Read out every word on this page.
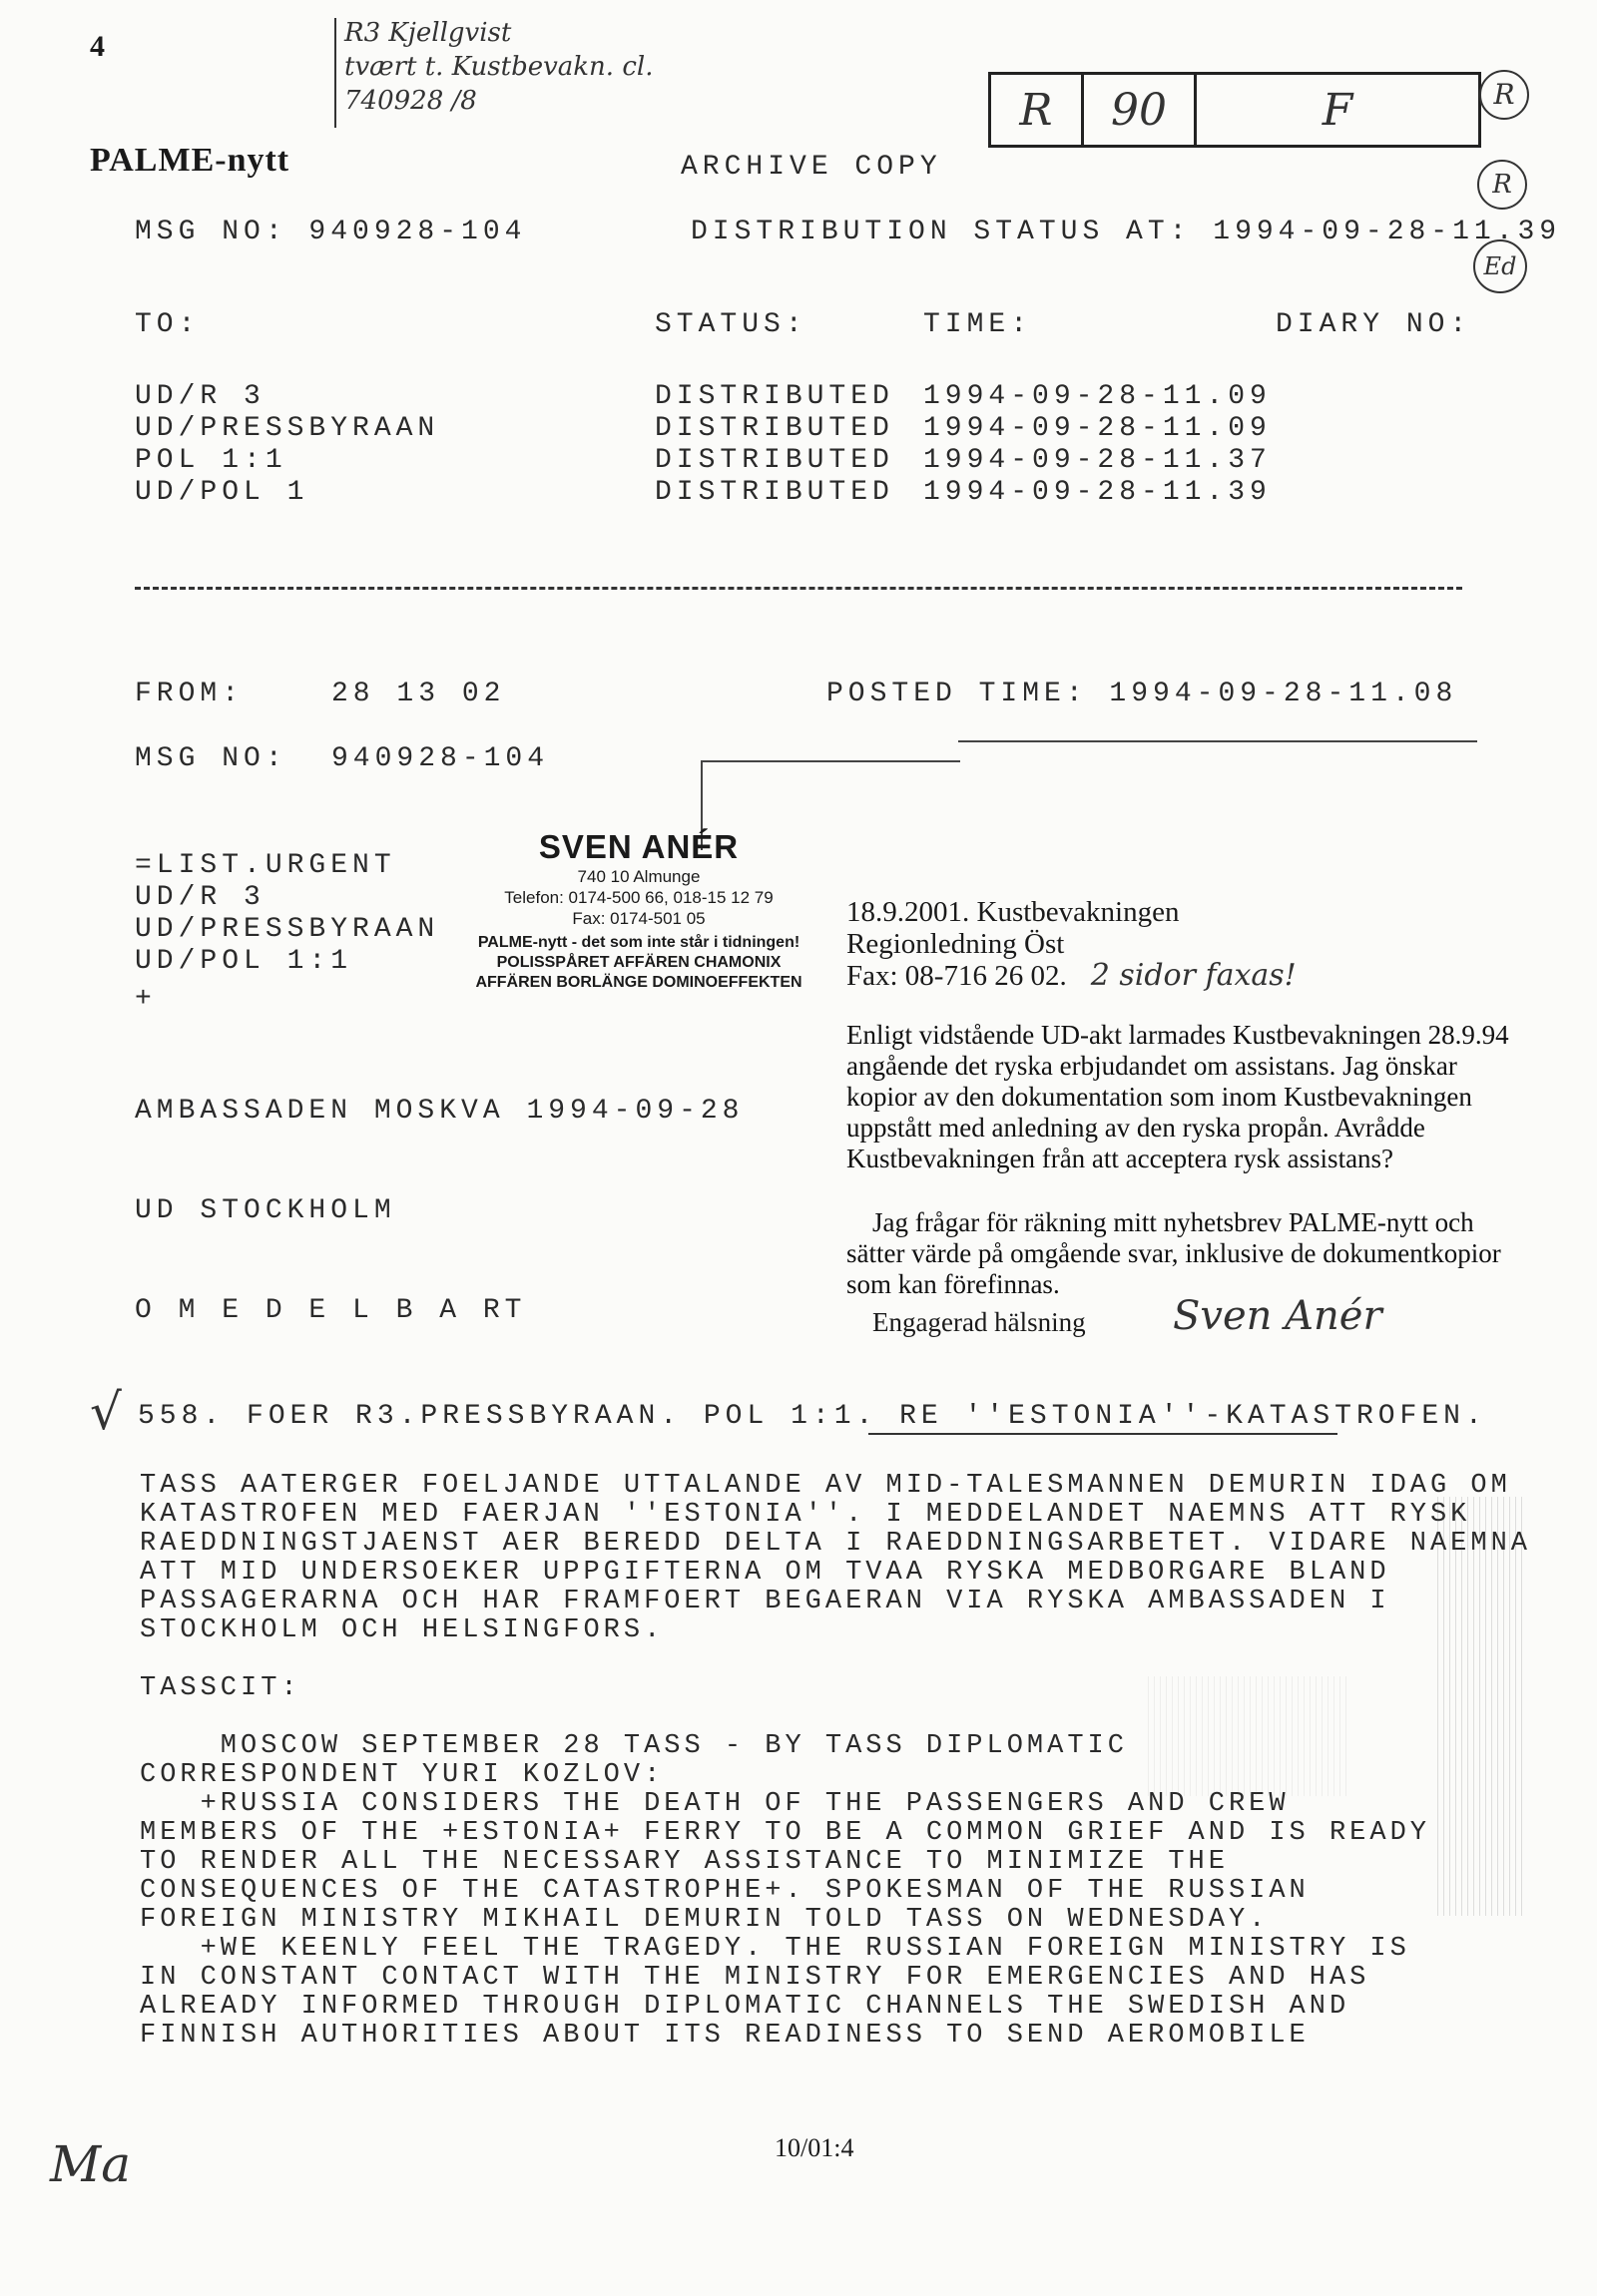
4
PALME-nytt
R3 Kjellgvist
tvært t. Kustbevakn. cl.
740928 /8	R	90	F	R
R
Ed
ARCHIVE COPY
MSG NO: 940928-104	DISTRIBUTION STATUS AT: 1994-09-28-11.39
TO:	STATUS:	TIME:	DIARY NO:
UD/R 3	DISTRIBUTED 1994-09-28-11.09
UD/PRESSBYRAAN	DISTRIBUTED 1994-09-28-11.09
POL 1:1	DISTRIBUTED 1994-09-28-11.37
UD/POL 1	DISTRIBUTED 1994-09-28-11.39
FROM:	28 13 02	POSTED TIME: 1994-09-28-11.08
MSG NO: 940928-104
=LIST.URGENT
UD/R 3
UD/PRESSBYRAAN
UD/POL 1:1
+
SVEN ANÉR
740 10 Almunge
Telefon: 0174-500 66, 018-15 12 79
Fax: 0174-501 05
PALME-nytt - det som inte står i tidningen!
POLISSPÅRET AFFÄREN CHAMONIX
AFFÄREN BORLÄNGE DOMINOEFFEKTEN
18.9.2001. Kustbevakningen
Regionledning Öst
Fax: 08-716 26 02. 2 sidor faxas!
Enligt vidstående UD-akt larmades Kustbevakningen 28.9.94 angående det ryska erbjudandet om assistans. Jag önskar kopior av den dokumentation som inom Kustbevakningen uppstått med anledning av den ryska propån. Avrådde Kustbevakningen från att acceptera rysk assistans?
Jag frågar för räkning mitt nyhetsbrev PALME-nytt och sätter värde på omgående svar, inklusive de dokumentkopior som kan förefinnas.
Engagerad hälsning Sven Anér
AMBASSADEN MOSKVA 1994-09-28
UD STOCKHOLM
O M E D E L B A RT
√ 558. FOER R3.PRESSBYRAAN. POL 1:1. RE ''ESTONIA''-KATASTROFEN.
TASS AATERGER FOELJANDE UTTALANDE AV MID-TALESMANNEN DEMURIN IDAG OM
KATASTROFEN MED FAERJAN ''ESTONIA''. I MEDDELANDET NAEMNS ATT RYSK
RAEDDNINGSTJAENST AER BEREDD DELTA I RAEDDNINGSARBETET. VIDARE NAEMNA
ATT MID UNDERSOEKER UPPGIFTERNA OM TVAA RYSKA MEDBORGARE BLAND
PASSAGERARNA OCH HAR FRAMFOERT BEGAERAN VIA RYSKA AMBASSADEN I
STOCKHOLM OCH HELSINGFORS.
TASSCIT:
MOSCOW SEPTEMBER 28 TASS - BY TASS DIPLOMATIC
CORRESPONDENT YURI KOZLOV:
+RUSSIA CONSIDERS THE DEATH OF THE PASSENGERS AND CREW
MEMBERS OF THE +ESTONIA+ FERRY TO BE A COMMON GRIEF AND IS READY
TO RENDER ALL THE NECESSARY ASSISTANCE TO MINIMIZE THE
CONSEQUENCES OF THE CATASTROPHE+. SPOKESMAN OF THE RUSSIAN
FOREIGN MINISTRY MIKHAIL DEMURIN TOLD TASS ON WEDNESDAY.
+WE KEENLY FEEL THE TRAGEDY. THE RUSSIAN FOREIGN MINISTRY IS
IN CONSTANT CONTACT WITH THE MINISTRY FOR EMERGENCIES AND HAS
ALREADY INFORMED THROUGH DIPLOMATIC CHANNELS THE SWEDISH AND
FINNISH AUTHORITIES ABOUT ITS READINESS TO SEND AEROMOBILE
10/01:4
Ma
